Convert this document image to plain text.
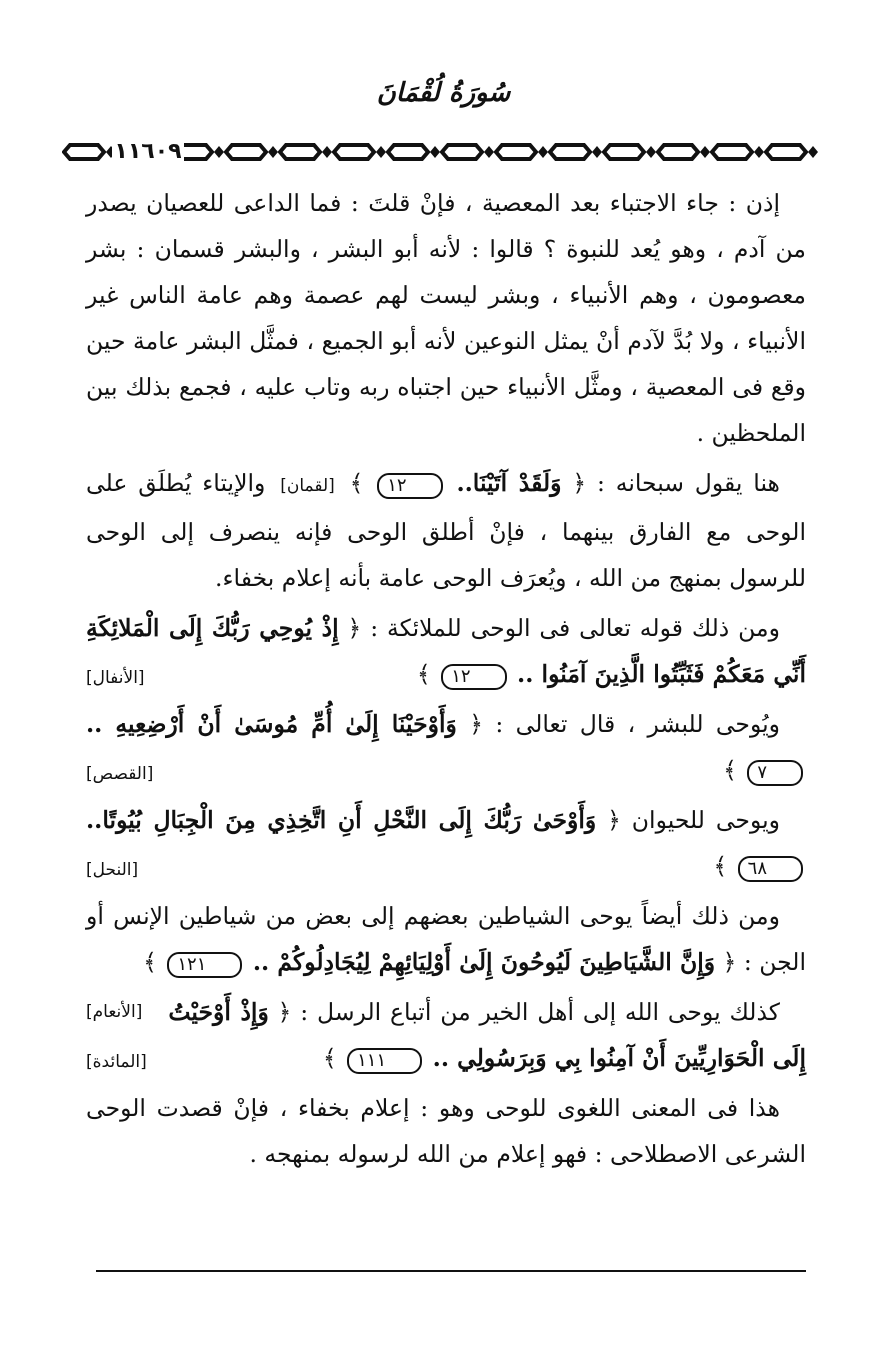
سُورَةُ لُقْمَانَ
١١٦٠٩

إذن : جاء الاجتباء بعد المعصية ، فإنْ قلتَ : فما الداعى للعصيان يصدر من آدم ، وهو يُعد للنبوة ؟ قالوا : لأنه أبو البشر ، والبشر قسمان : بشر معصومون ، وهم الأنبياء ، وبشر ليست لهم عصمة وهم عامة الناس غير الأنبياء ، ولا بُدَّ لآدم أنْ يمثل النوعين لأنه أبو الجميع ، فمثَّل البشر عامة حين وقع فى المعصية ، ومثَّل الأنبياء حين اجتباه ربه وتاب عليه ، فجمع بذلك بين الملحظين .

هنا يقول سبحانه : ﴿ وَلَقَدْ آتَيْنَا.. ١٢ ﴾ [لقمان] والإيتاء يُطلَق على الوحى مع الفارق بينهما ، فإنْ أطلق الوحى فإنه ينصرف إلى الوحى للرسول بمنهج من الله ، ويُعرَف الوحى عامة بأنه إعلام بخفاء.

ومن ذلك قوله تعالى فى الوحى للملائكة : ﴿ إِذْ يُوحِي رَبُّكَ إِلَى الْمَلائِكَةِ أَنِّي مَعَكُمْ فَثَبِّتُوا الَّذِينَ آمَنُوا .. ١٢ ﴾
[الأنفال]

ويُوحى للبشر ، قال تعالى : ﴿ وَأَوْحَيْنَا إِلَىٰ أُمِّ مُوسَىٰ أَنْ أَرْضِعِيهِ .. ٧ ﴾
[القصص]

ويوحى للحيوان ﴿ وَأَوْحَىٰ رَبُّكَ إِلَى النَّحْلِ أَنِ اتَّخِذِي مِنَ الْجِبَالِ بُيُوتًا.. ٦٨ ﴾
[النحل]

ومن ذلك أيضاً يوحى الشياطين بعضهم إلى بعض من شياطين الإنس أو الجن : ﴿ وَإِنَّ الشَّيَاطِينَ لَيُوحُونَ إِلَىٰ أَوْلِيَائِهِمْ لِيُجَادِلُوكُمْ .. ١٢١ ﴾
[الأنعام]	كذلك يوحى الله إلى أهل الخير من أتباع الرسل : ﴿ وَإِذْ أَوْحَيْتُ إِلَى الْحَوَارِيِّينَ أَنْ آمِنُوا بِي وَبِرَسُولِي .. ١١١ ﴾
[المائدة]

هذا فى المعنى اللغوى للوحى وهو : إعلام بخفاء ، فإنْ قصدت الوحى الشرعى الاصطلاحى : فهو إعلام من الله لرسوله بمنهجه .
